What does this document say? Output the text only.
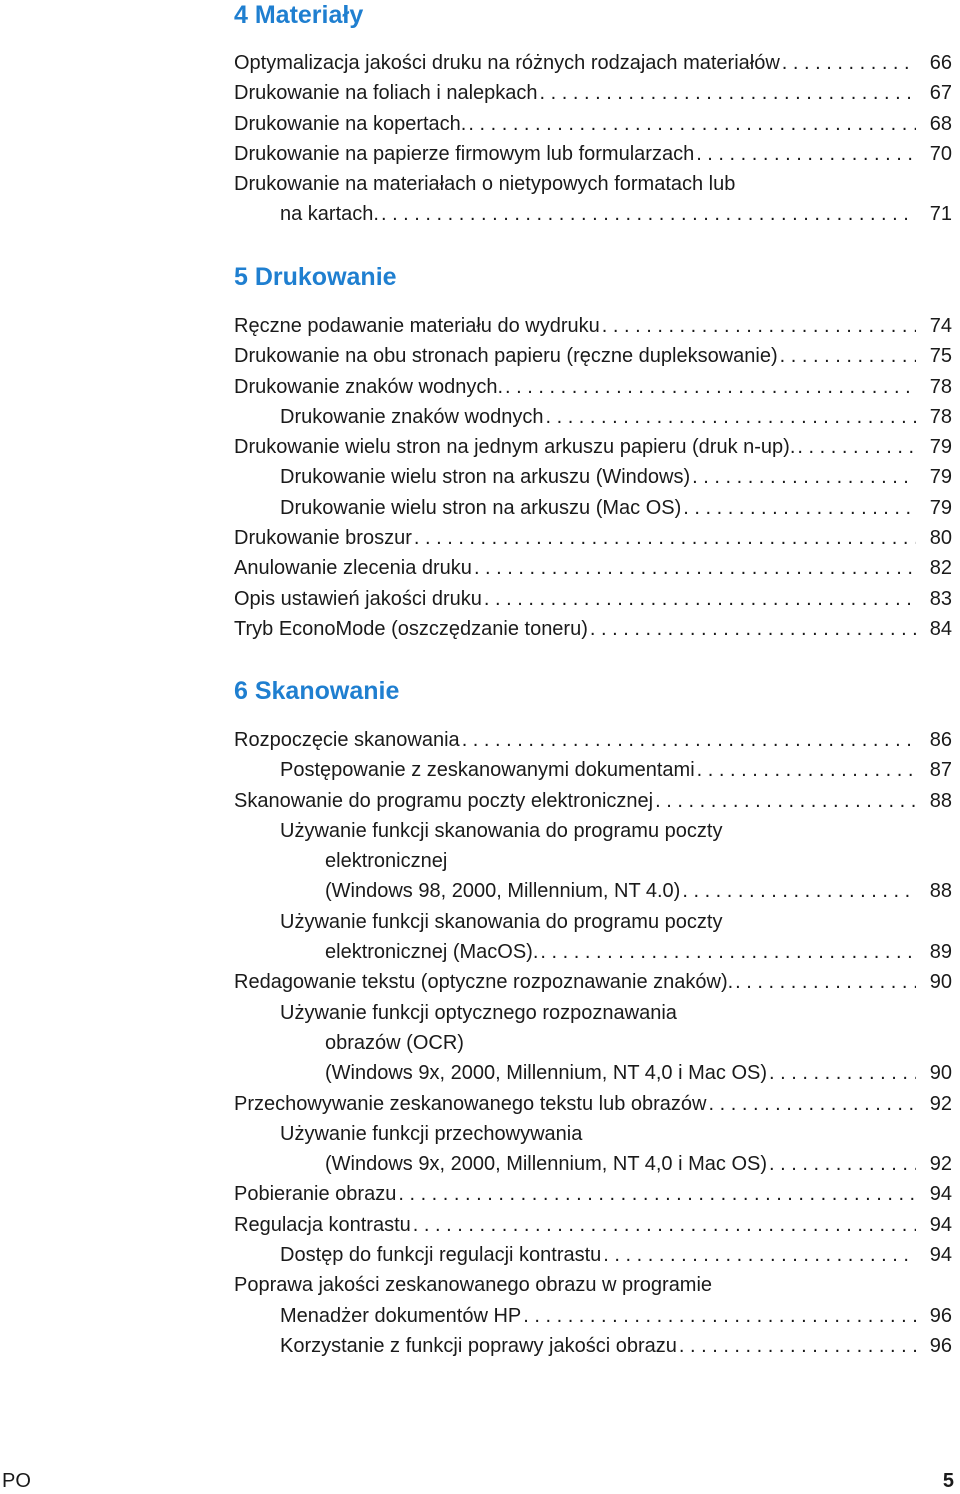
4 Materiały
Optymalizacja jakości druku na różnych rodzajach materiałów . . .	66
Drukowanie na foliach i nalepkach . . .	67
Drukowanie na kopertach. . . .	68
Drukowanie na papierze firmowym lub formularzach . . .	70
Drukowanie na materiałach o nietypowych formatach lub
na kartach. . . .	71
5 Drukowanie
Ręczne podawanie materiału do wydruku . . .	74
Drukowanie na obu stronach papieru (ręczne dupleksowanie) . . .	75
Drukowanie znaków wodnych. . . .	78
Drukowanie znaków wodnych . . .	78
Drukowanie wielu stron na jednym arkuszu papieru (druk n-up). . . .	79
Drukowanie wielu stron na arkuszu (Windows) . . .	79
Drukowanie wielu stron na arkuszu (Mac OS) . . .	79
Drukowanie broszur . . .	80
Anulowanie zlecenia druku . . .	82
Opis ustawień jakości druku . . .	83
Tryb EconoMode (oszczędzanie toneru) . . .	84
6 Skanowanie
Rozpoczęcie skanowania . . .	86
Postępowanie z zeskanowanymi dokumentami . . .	87
Skanowanie do programu poczty elektronicznej . . .	88
Używanie funkcji skanowania do programu poczty
elektronicznej
(Windows 98, 2000, Millennium, NT 4.0) . . .	88
Używanie funkcji skanowania do programu poczty
elektronicznej (MacOS). . . .	89
Redagowanie tekstu (optyczne rozpoznawanie znaków). . . .	90
Używanie funkcji optycznego rozpoznawania
obrazów (OCR)
(Windows 9x, 2000, Millennium, NT 4,0 i Mac OS) . . .	90
Przechowywanie zeskanowanego tekstu lub obrazów . . .	92
Używanie funkcji przechowywania
(Windows 9x, 2000, Millennium, NT 4,0 i Mac OS) . . .	92
Pobieranie obrazu . . .	94
Regulacja kontrastu . . .	94
Dostęp do funkcji regulacji kontrastu . . .	94
Poprawa jakości zeskanowanego obrazu w programie
Menadżer dokumentów HP . . .	96
Korzystanie z funkcji poprawy jakości obrazu . . .	96
PO	5
